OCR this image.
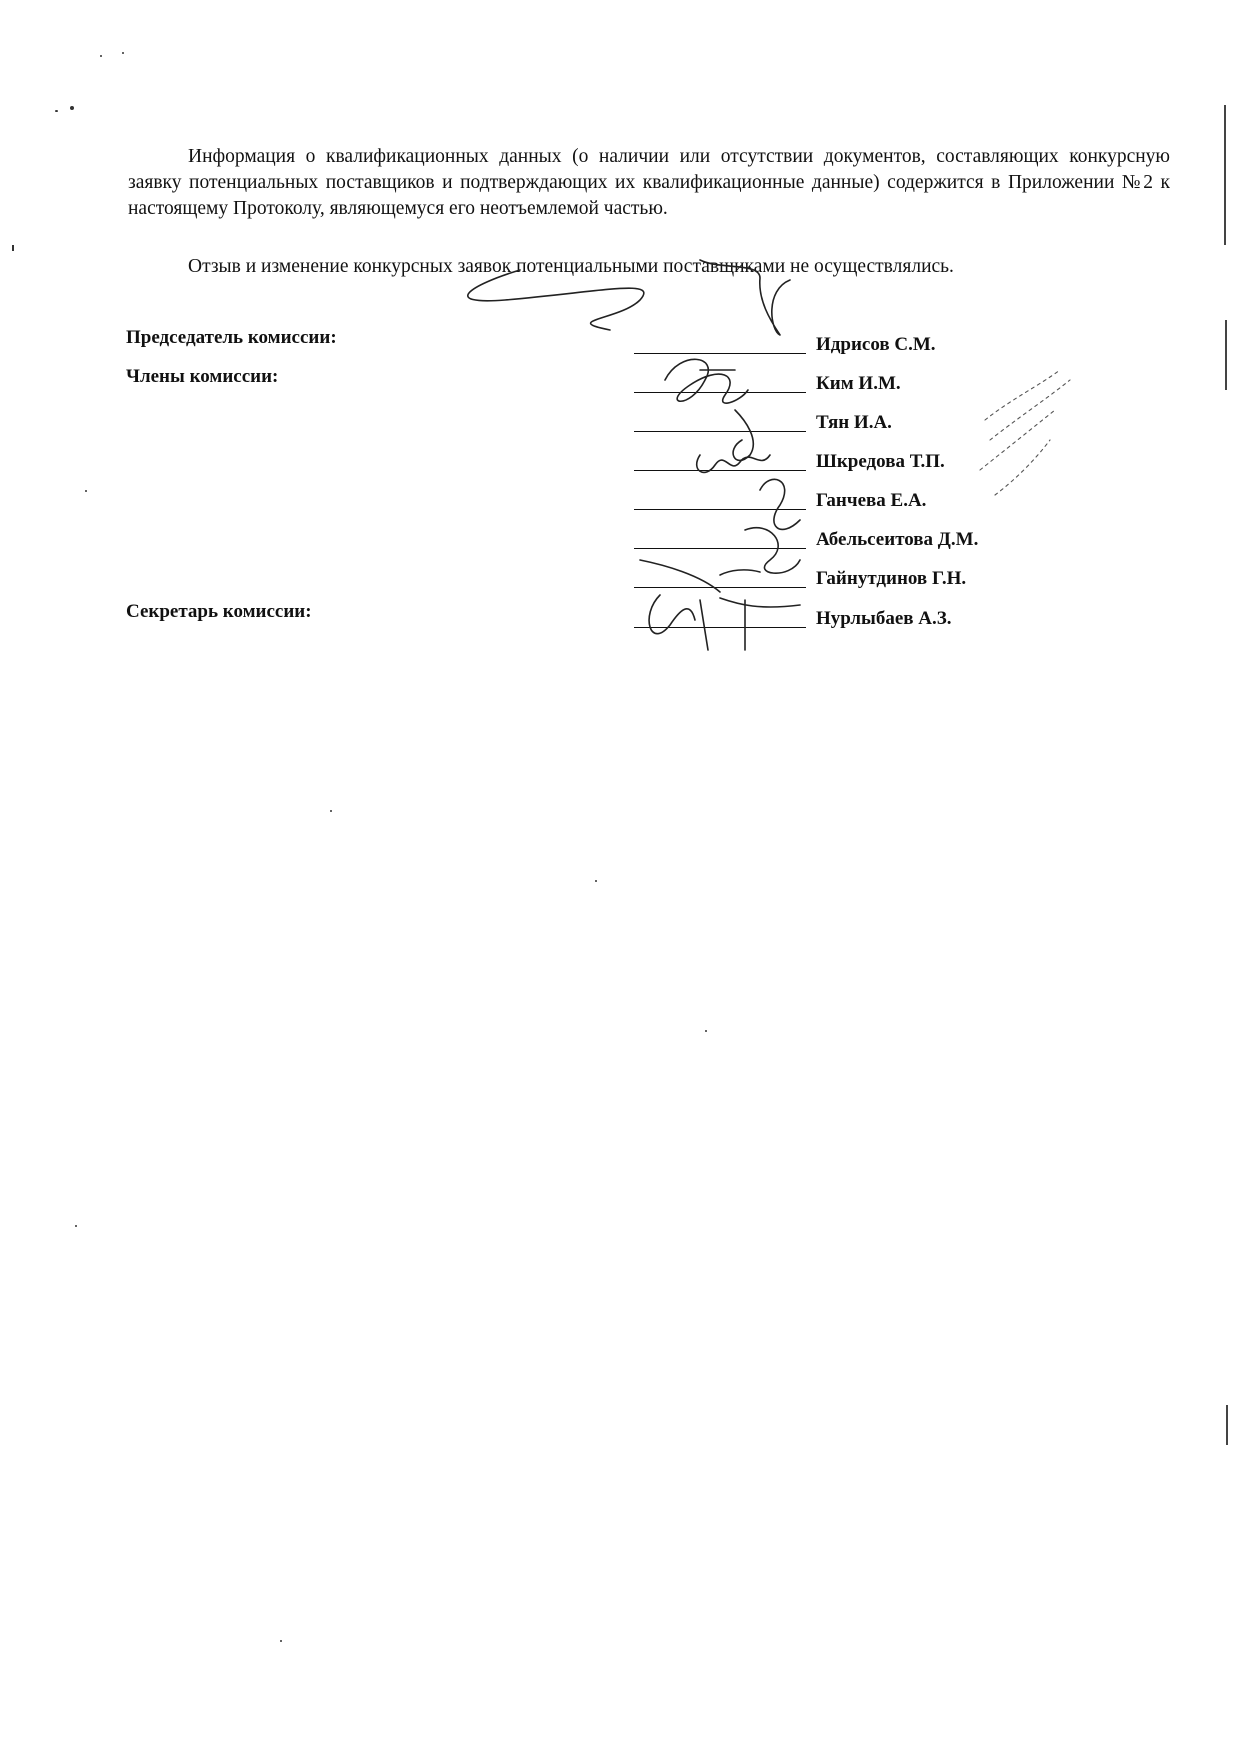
Информация о квалификационных данных (о наличии или отсутствии документов, составляющих конкурсную заявку потенциальных поставщиков и подтверждающих их квалификационные данные) содержится в Приложении №2 к настоящему Протоколу, являющемуся его неотъемлемой частью.

Отзыв и изменение конкурсных заявок потенциальными поставщиками не осуществлялись.

Председатель комиссии:
Члены комиссии:
Секретарь комиссии:
Идрисов С.М.
Ким И.М.
Тян И.А.
Шкредова Т.П.
Ганчева Е.А.
Абельсеитова Д.М.
Гайнутдинов Г.Н.
Нурлыбаев А.З.
